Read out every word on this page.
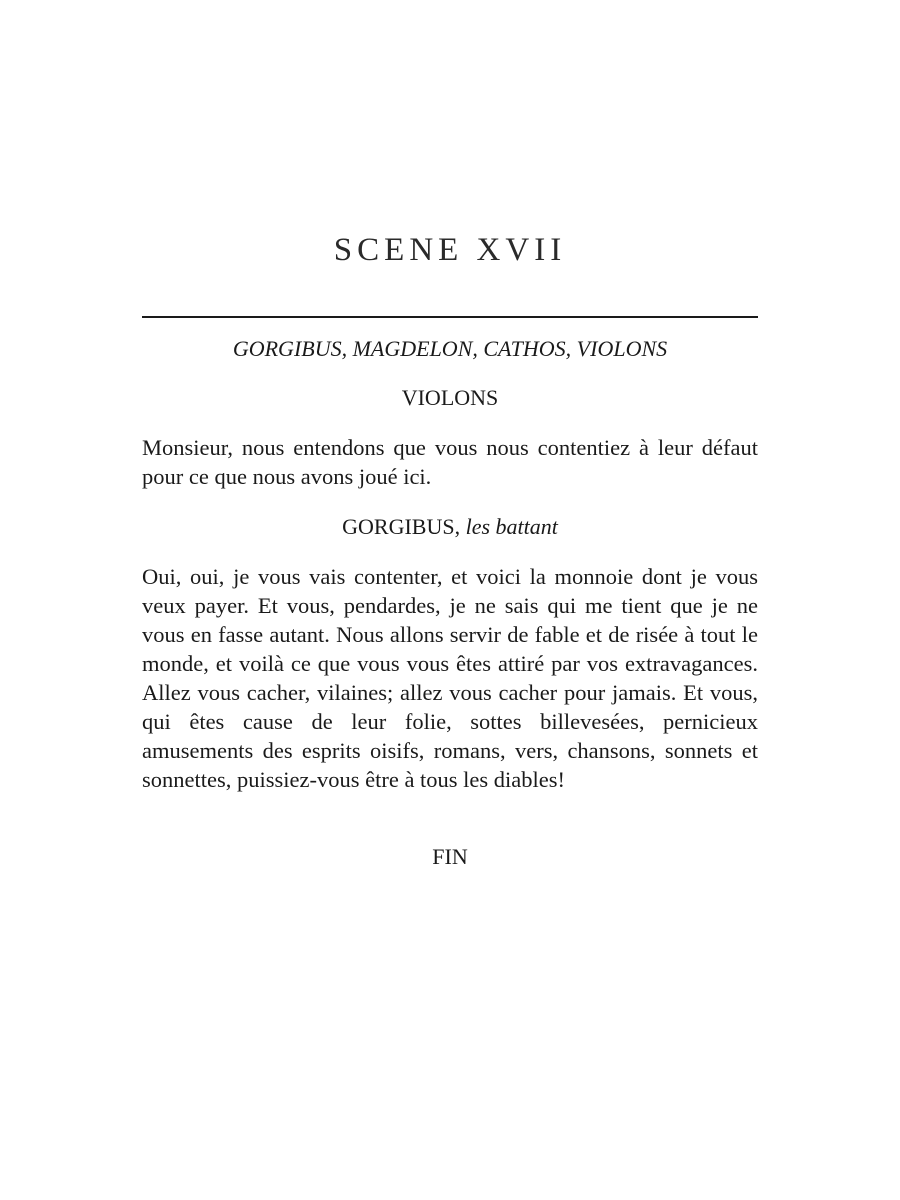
SCENE XVII

GORGIBUS, MAGDELON, CATHOS, VIOLONS

VIOLONS

Monsieur, nous entendons que vous nous contentiez à leur défaut pour ce que nous avons joué ici.

GORGIBUS, les battant

Oui, oui, je vous vais contenter, et voici la monnoie dont je vous veux payer. Et vous, pendardes, je ne sais qui me tient que je ne vous en fasse autant. Nous allons servir de fable et de risée à tout le monde, et voilà ce que vous vous êtes attiré par vos extravagances. Allez vous cacher, vilaines; allez vous cacher pour jamais. Et vous, qui êtes cause de leur folie, sottes billevesées, pernicieux amusements des esprits oisifs, romans, vers, chansons, sonnets et sonnettes, puissiez-vous être à tous les diables!

FIN
